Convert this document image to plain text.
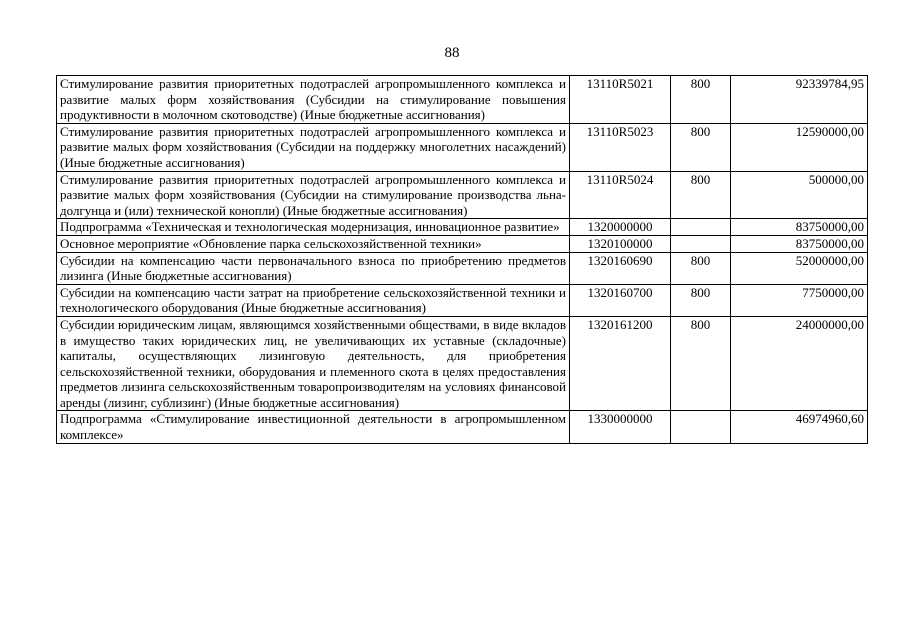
88
Стимулирование развития приоритетных подотраслей агропромышленного комплекса и развитие малых форм хозяйствования (Субсидии на стимулирование повышения продуктивности в молочном скотоводстве) (Иные бюджетные ассигнования)	13110R5021	800	92339784,95
Стимулирование развития приоритетных подотраслей агропромышленного комплекса и развитие малых форм хозяйствования (Субсидии на поддержку многолетних насаждений) (Иные бюджетные ассигнования)	13110R5023	800	12590000,00
Стимулирование развития приоритетных подотраслей агропромышленного комплекса и развитие малых форм хозяйствования (Субсидии на стимулирование производства льна-долгунца и (или) технической конопли) (Иные бюджетные ассигнования)	13110R5024	800	500000,00
Подпрограмма «Техническая и технологическая модернизация, инновационное развитие»	1320000000		83750000,00
Основное мероприятие «Обновление парка сельскохозяйственной техники»	1320100000		83750000,00
Субсидии на компенсацию части первоначального взноса по приобретению предметов лизинга (Иные бюджетные ассигнования)	1320160690	800	52000000,00
Субсидии на компенсацию части затрат на приобретение сельскохозяйственной техники и технологического оборудования (Иные бюджетные ассигнования)	1320160700	800	7750000,00
Субсидии юридическим лицам, являющимся хозяйственными обществами, в виде вкладов в имущество таких юридических лиц, не увеличивающих их уставные (складочные) капиталы, осуществляющих лизинговую деятельность, для приобретения сельскохозяйственной техники, оборудования и племенного скота в целях предоставления предметов лизинга сельскохозяйственным товаропроизводителям на условиях финансовой аренды (лизинг, сублизинг) (Иные бюджетные ассигнования)	1320161200	800	24000000,00
Подпрограмма «Стимулирование инвестиционной деятельности в агропромышленном комплексе»	1330000000		46974960,60
